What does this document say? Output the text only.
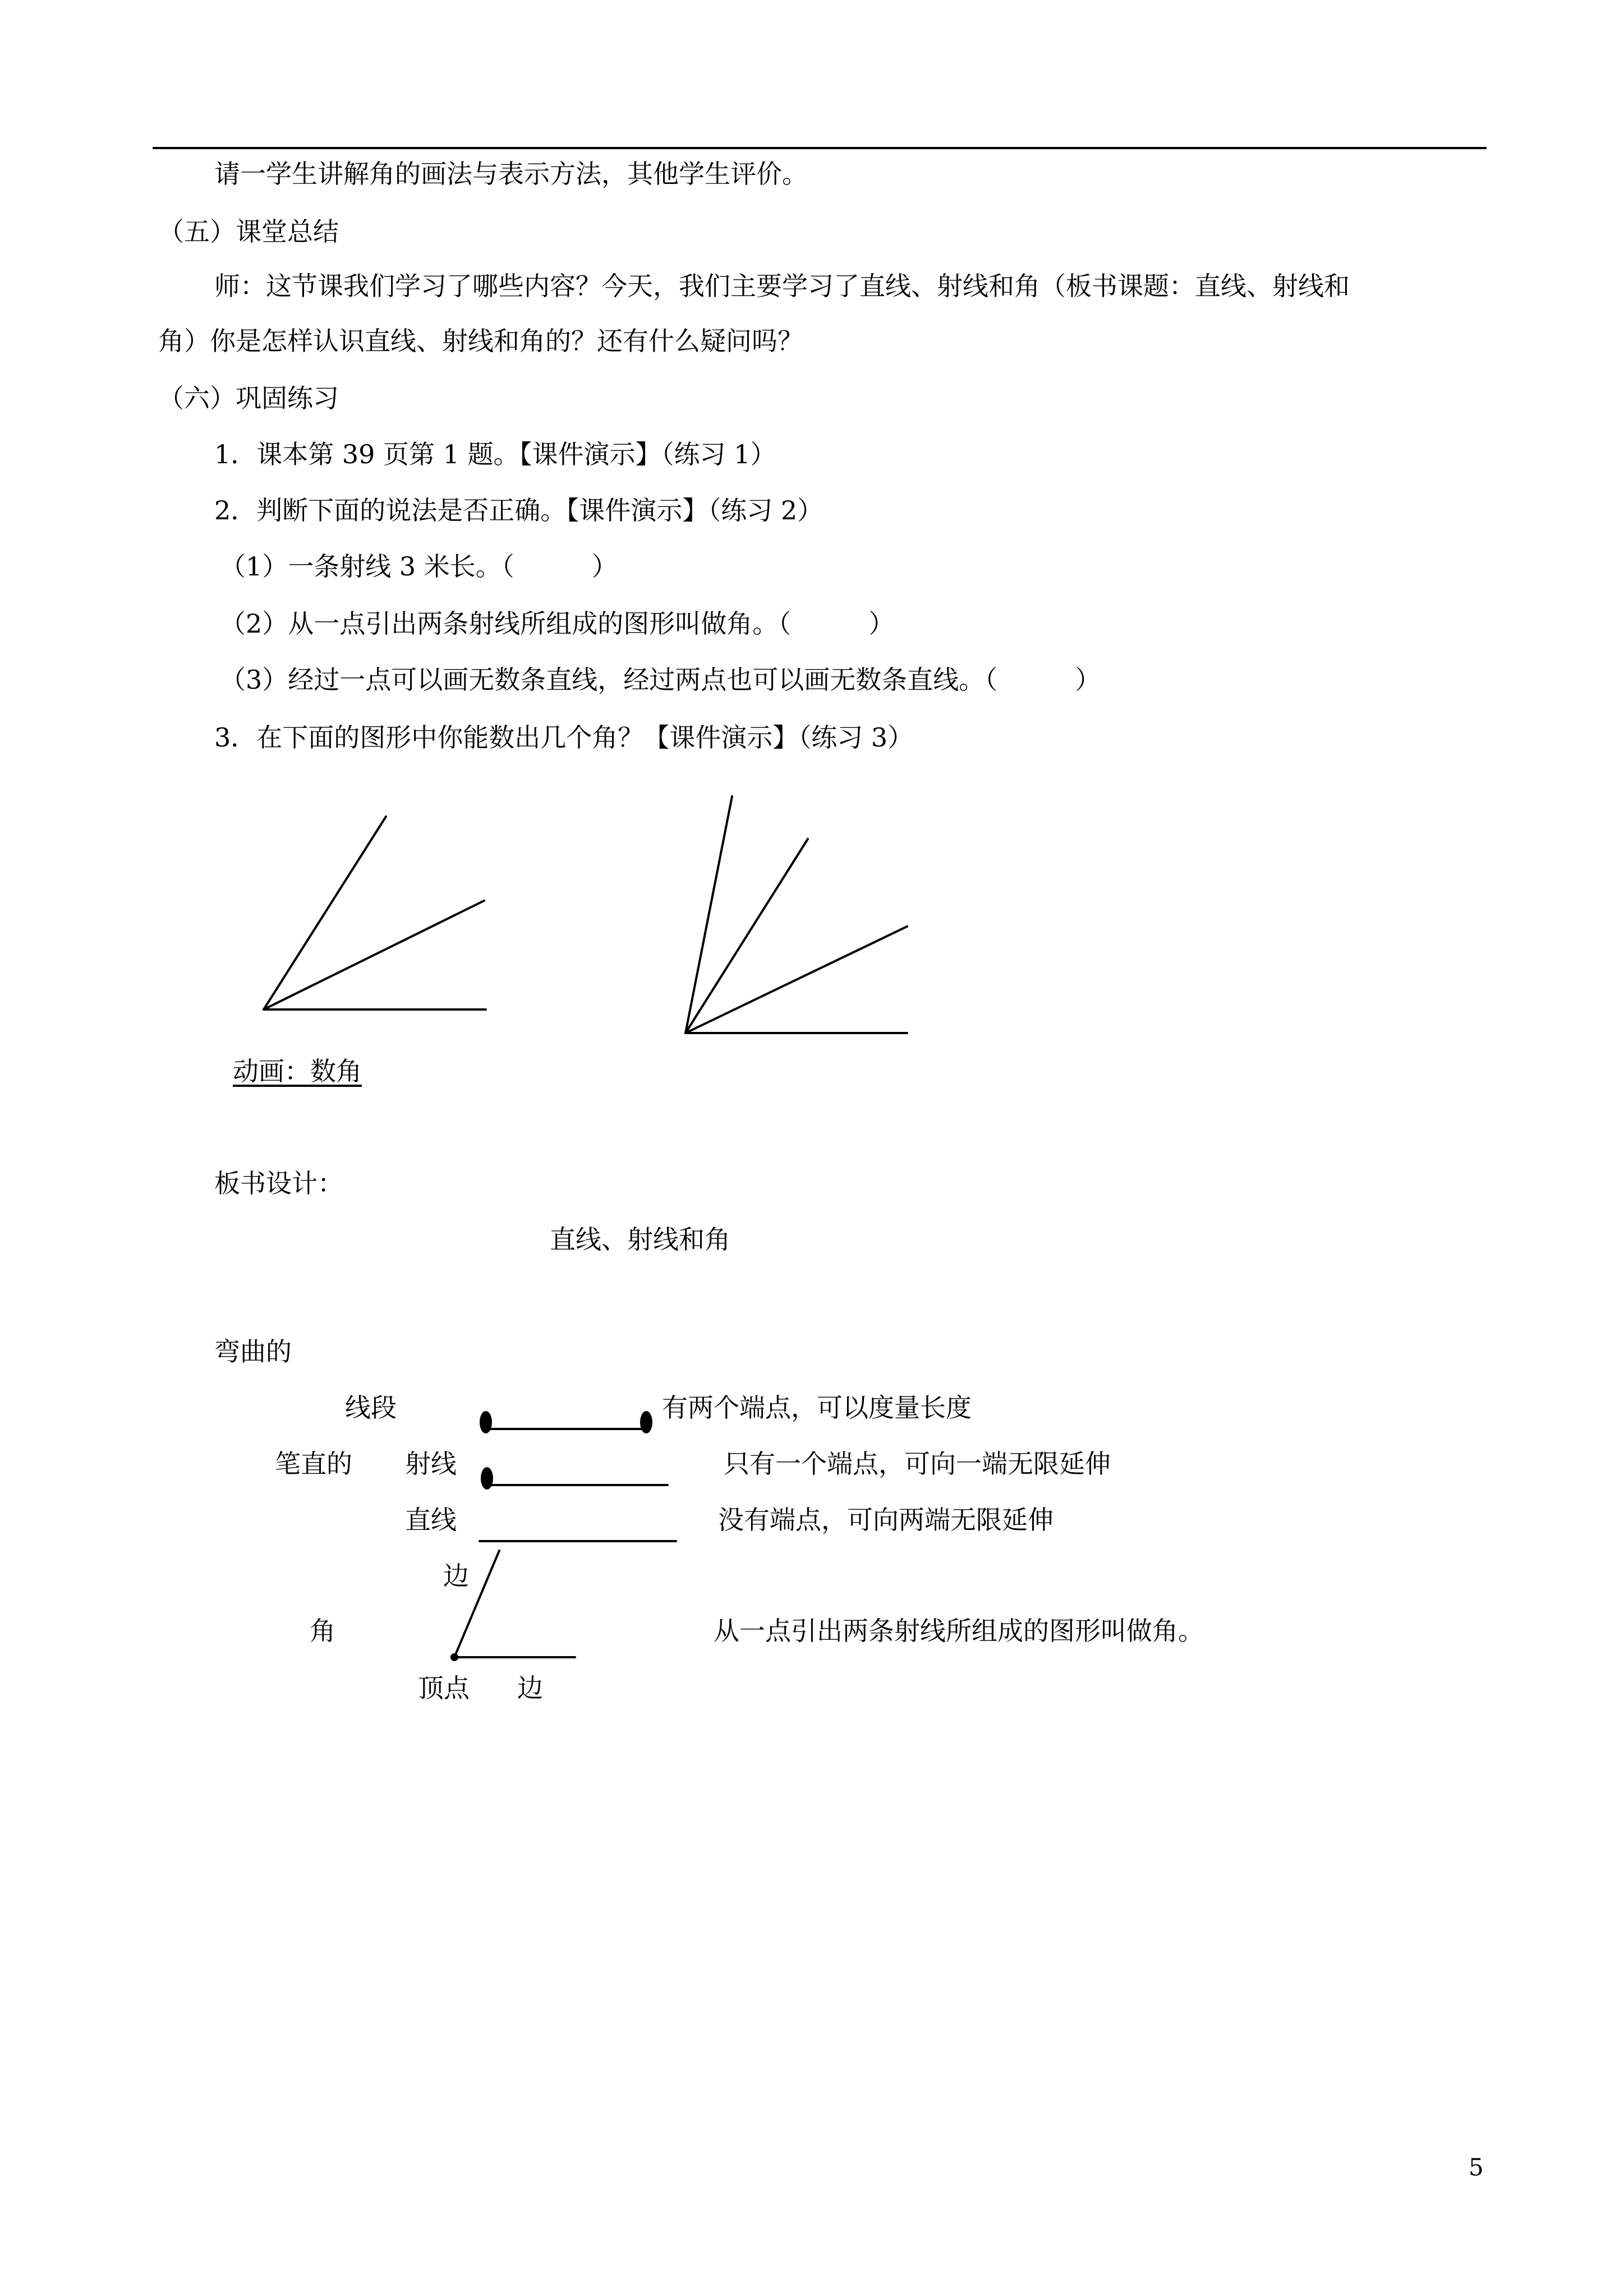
请一学生讲解角的画法与表示方法，其他学生评价。
（五）课堂总结
师：这节课我们学习了哪些内容？今天，我们主要学习了直线、射线和角（板书课题：直线、射线和
角）你是怎样认识直线、射线和角的？还有什么疑问吗？
（六）巩固练习
1．课本第 39 页第 1 题。【课件演示】（练习 1）
2．判断下面的说法是否正确。【课件演示】（练习 2）
（1）一条射线 3 米长。（　　　）
（2）从一点引出两条射线所组成的图形叫做角。（　　　）
（3）经过一点可以画无数条直线，经过两点也可以画无数条直线。（　　　）
3．在下面的图形中你能数出几个角？【课件演示】（练习 3）
动画：数角
板书设计：
直线、射线和角
弯曲的
线段	有两个端点，可以度量长度
笔直的 射线	只有一个端点，可向一端无限延伸
直线	没有端点，可向两端无限延伸
边
角	从一点引出两条射线所组成的图形叫做角。
顶点 边
5
